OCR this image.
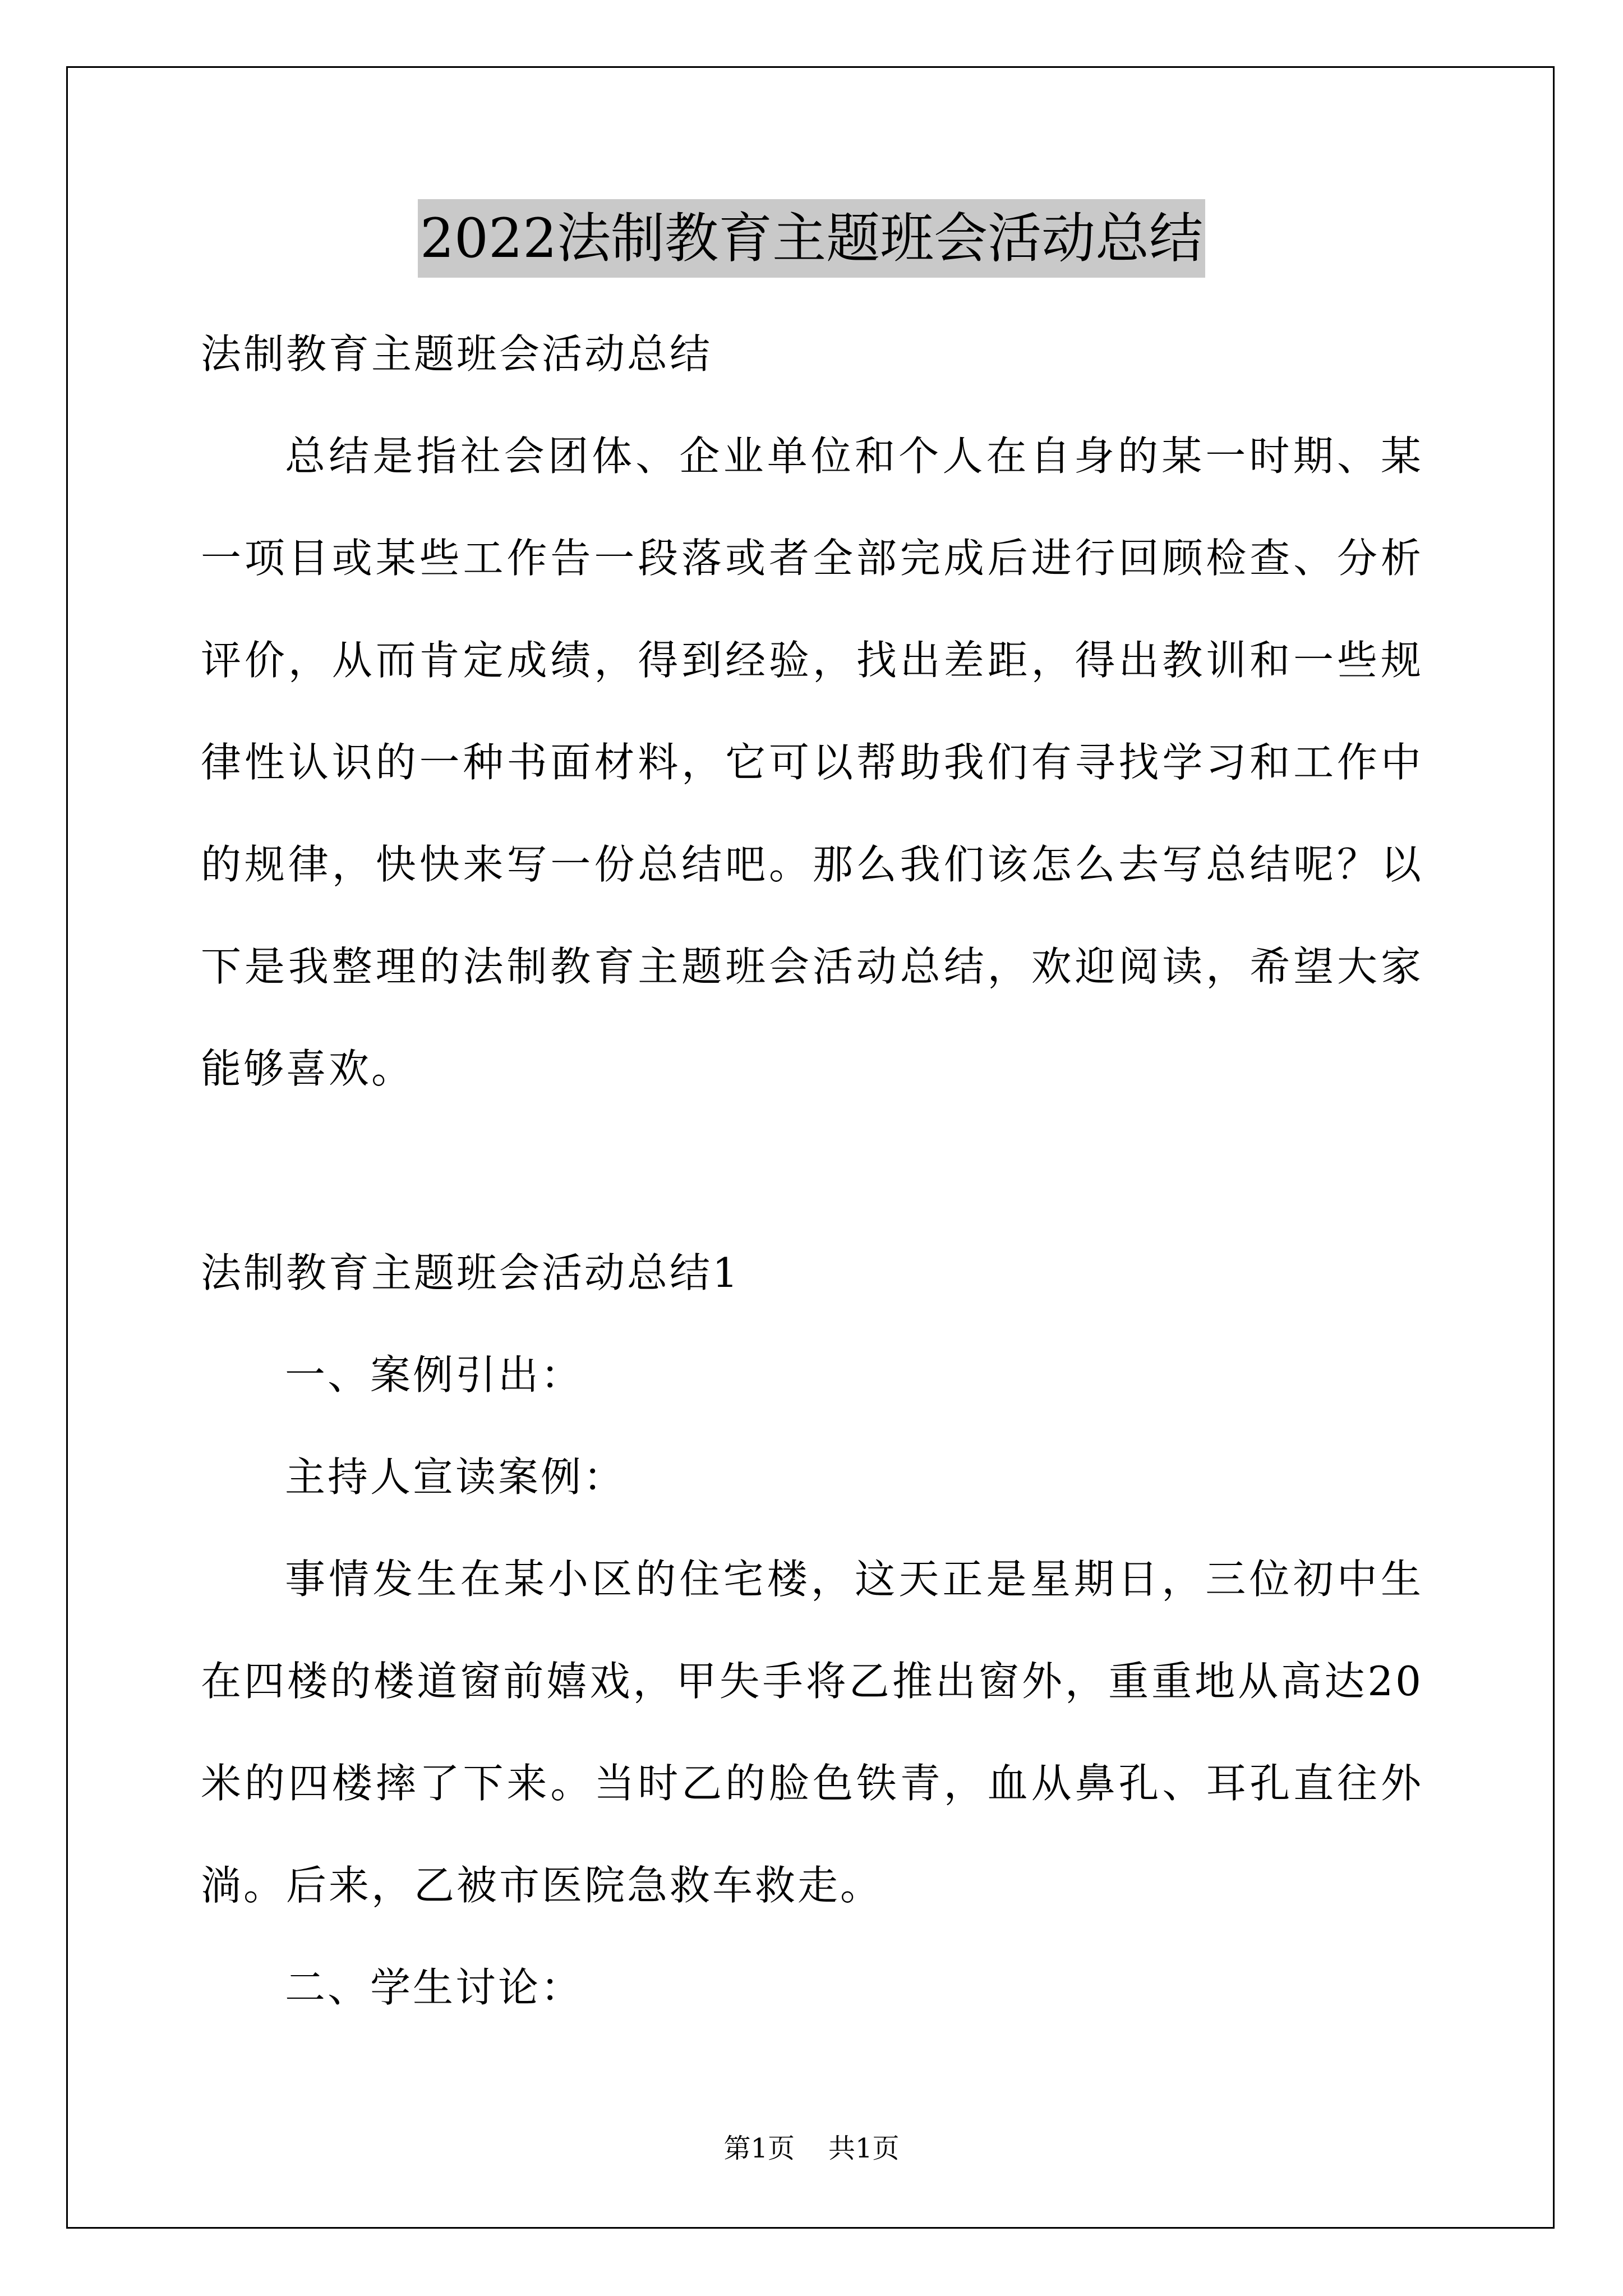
2022法制教育主题班会活动总结

法制教育主题班会活动总结

总结是指社会团体、企业单位和个人在自身的某一时期、某一项目或某些工作告一段落或者全部完成后进行回顾检查、分析评价，从而肯定成绩，得到经验，找出差距，得出教训和一些规律性认识的一种书面材料，它可以帮助我们有寻找学习和工作中的规律，快快来写一份总结吧。那么我们该怎么去写总结呢？以下是我整理的法制教育主题班会活动总结，欢迎阅读，希望大家能够喜欢。

法制教育主题班会活动总结1

一、案例引出：

主持人宣读案例：

事情发生在某小区的住宅楼，这天正是星期日，三位初中生在四楼的楼道窗前嬉戏，甲失手将乙推出窗外，重重地从高达20米的四楼摔了下来。当时乙的脸色铁青，血从鼻孔、耳孔直往外淌。后来，乙被市医院急救车救走。

二、学生讨论：

第1页 共1页
